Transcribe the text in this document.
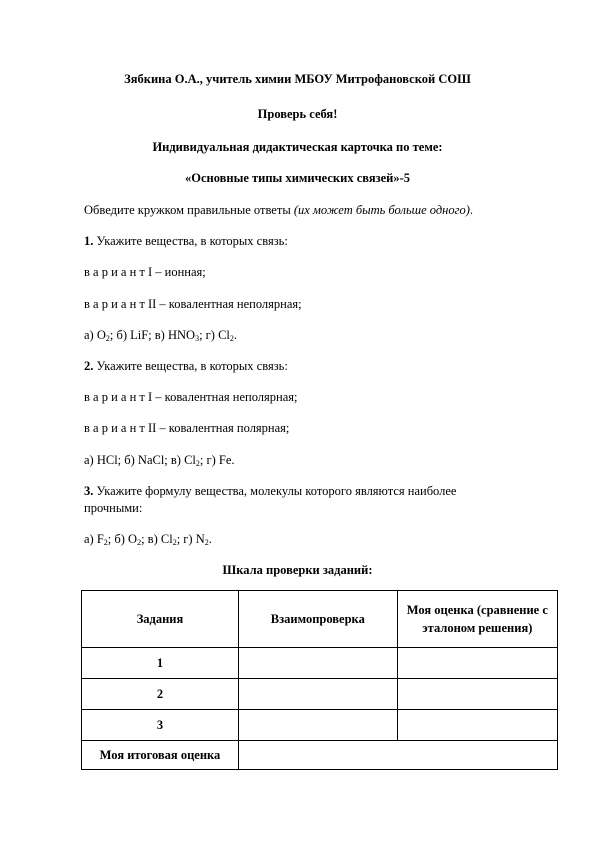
Зябкина О.А., учитель химии МБОУ Митрофановской СОШ
Проверь себя!
Индивидуальная дидактическая карточка по теме:
«Основные типы химических связей»-5
Обведите кружком правильные ответы (их может быть больше одного).
1. Укажите вещества, в которых связь:
в а р и а н т I – ионная;
в а р и а н т II – ковалентная неполярная;
а) $O_2$; б) LiF; в) $HNO_3$; г) $Cl_2$.
2. Укажите вещества, в которых связь:
в а р и а н т I – ковалентная неполярная;
в а р и а н т II – ковалентная полярная;
а) HCl; б) NaCl; в) $Cl_2$; г) Fe.
3. Укажите формулу вещества, молекулы которого являются наиболее
прочными:
а) $F_2$; б) $O_2$; в) $Cl_2$; г) $N_2$.
Шкала проверки заданий:
Задания	Взаимопроверка	Моя оценка (сравнение с эталоном решения)
1		
2		
3		
Моя итоговая оценка		
